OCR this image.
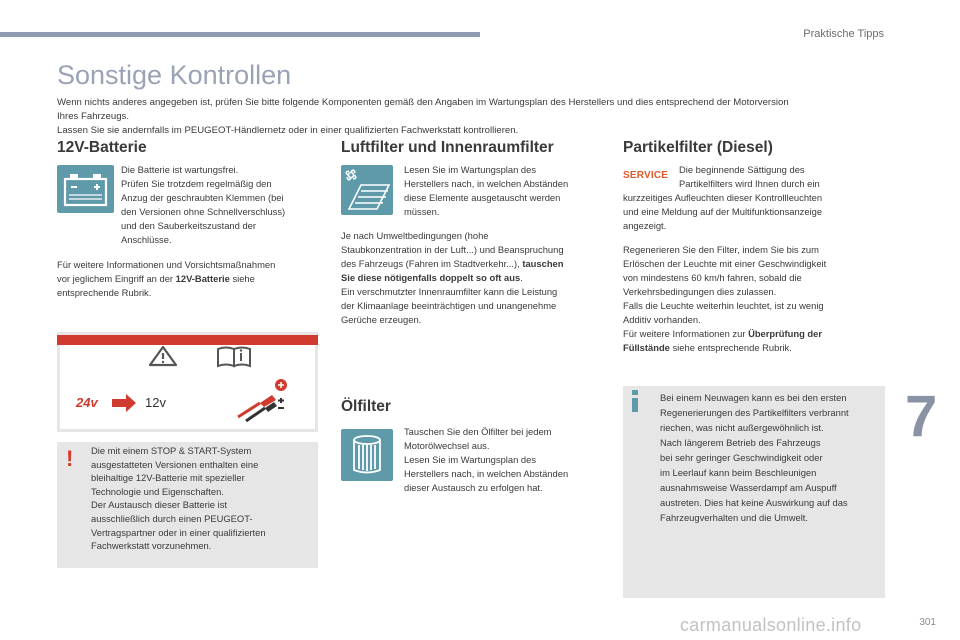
Praktische Tipps
Sonstige Kontrollen
Wenn nichts anderes angegeben ist, prüfen Sie bitte folgende Komponenten gemäß den Angaben im Wartungsplan des Herstellers und dies entsprechend der Motorversion
Ihres Fahrzeugs.
Lassen Sie sie andernfalls im PEUGEOT-Händlernetz oder in einer qualifizierten Fachwerkstatt kontrollieren.
12V-Batterie
Die Batterie ist wartungsfrei.
Prüfen Sie trotzdem regelmäßig den
Anzug der geschraubten Klemmen (bei
den Versionen ohne Schnellverschluss)
und den Sauberkeitszustand der
Anschlüsse.
Für weitere Informationen und Vorsichtsmaßnahmen
vor jeglichem Eingriff an der 12V-Batterie siehe
entsprechende Rubrik.
24v	12v
! Die mit einem STOP & START-System
ausgestatteten Versionen enthalten eine
bleihaltige 12V-Batterie mit spezieller
Technologie und Eigenschaften.
Der Austausch dieser Batterie ist
ausschließlich durch einen PEUGEOT-
Vertragspartner oder in einer qualifizierten
Fachwerkstatt vorzunehmen.
Luftfilter und Innenraumfilter
Lesen Sie im Wartungsplan des
Herstellers nach, in welchen Abständen
diese Elemente ausgetauscht werden
müssen.
Je nach Umweltbedingungen (hohe
Staubkonzentration in der Luft...) und Beanspruchung
des Fahrzeugs (Fahren im Stadtverkehr...), tauschen
Sie diese nötigenfalls doppelt so oft aus.
Ein verschmutzter Innenraumfilter kann die Leistung
der Klimaanlage beeinträchtigen und unangenehme
Gerüche erzeugen.
Ölfilter
Tauschen Sie den Ölfilter bei jedem
Motorölwechsel aus.
Lesen Sie im Wartungsplan des
Herstellers nach, in welchen Abständen
dieser Austausch zu erfolgen hat.
Partikelfilter (Diesel)
SERVICE
Die beginnende Sättigung des
Partikelfilters wird Ihnen durch ein
kurzzeitiges Aufleuchten dieser Kontrollleuchten
und eine Meldung auf der Multifunktionsanzeige
angezeigt.
Regenerieren Sie den Filter, indem Sie bis zum
Erlöschen der Leuchte mit einer Geschwindigkeit
von mindestens 60 km/h fahren, sobald die
Verkehrsbedingungen dies zulassen.
Falls die Leuchte weiterhin leuchtet, ist zu wenig
Additiv vorhanden.
Für weitere Informationen zur Überprüfung der
Füllstände siehe entsprechende Rubrik.
Bei einem Neuwagen kann es bei den ersten
Regenerierungen des Partikelfilters verbrannt
riechen, was nicht außergewöhnlich ist.
Nach längerem Betrieb des Fahrzeugs
bei sehr geringer Geschwindigkeit oder
im Leerlauf kann beim Beschleunigen
ausnahmsweise Wasserdampf am Auspuff
austreten. Dies hat keine Auswirkung auf das
Fahrzeugverhalten und die Umwelt.
7
carmanualsonline.info	301
